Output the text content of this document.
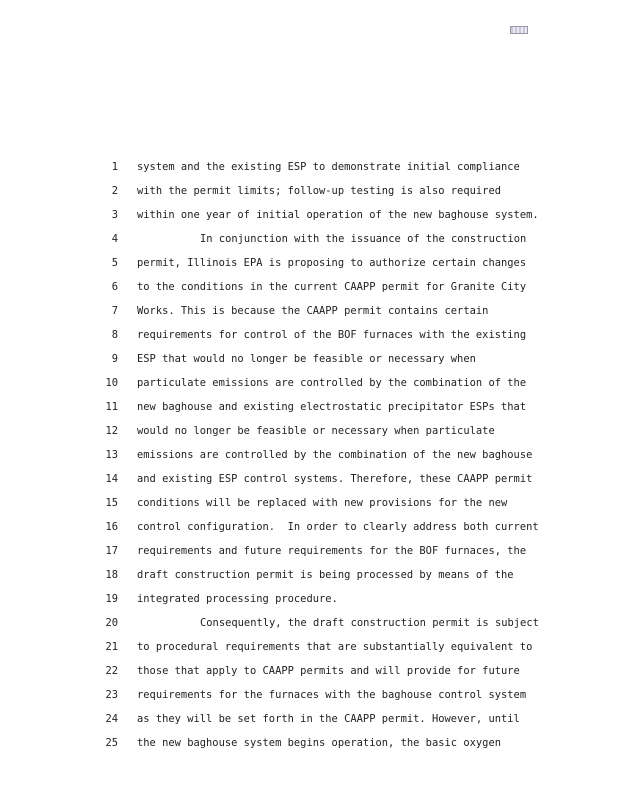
1 system and the existing ESP to demonstrate initial compliance
2 with the permit limits; follow-up testing is also required
3 within one year of initial operation of the new baghouse system.
4	In conjunction with the issuance of the construction
5 permit, Illinois EPA is proposing to authorize certain changes
6 to the conditions in the current CAAPP permit for Granite City
7 Works. This is because the CAAPP permit contains certain
8 requirements for control of the BOF furnaces with the existing
9 ESP that would no longer be feasible or necessary when
10 particulate emissions are controlled by the combination of the
11 new baghouse and existing electrostatic precipitator ESPs that
12 would no longer be feasible or necessary when particulate
13 emissions are controlled by the combination of the new baghouse
14 and existing ESP control systems. Therefore, these CAAPP permit
15 conditions will be replaced with new provisions for the new
16 control configuration.  In order to clearly address both current
17 requirements and future requirements for the BOF furnaces, the
18 draft construction permit is being processed by means of the
19 integrated processing procedure.
20	Consequently, the draft construction permit is subject
21 to procedural requirements that are substantially equivalent to
22 those that apply to CAAPP permits and will provide for future
23 requirements for the furnaces with the baghouse control system
24 as they will be set forth in the CAAPP permit. However, until
25 the new baghouse system begins operation, the basic oxygen
